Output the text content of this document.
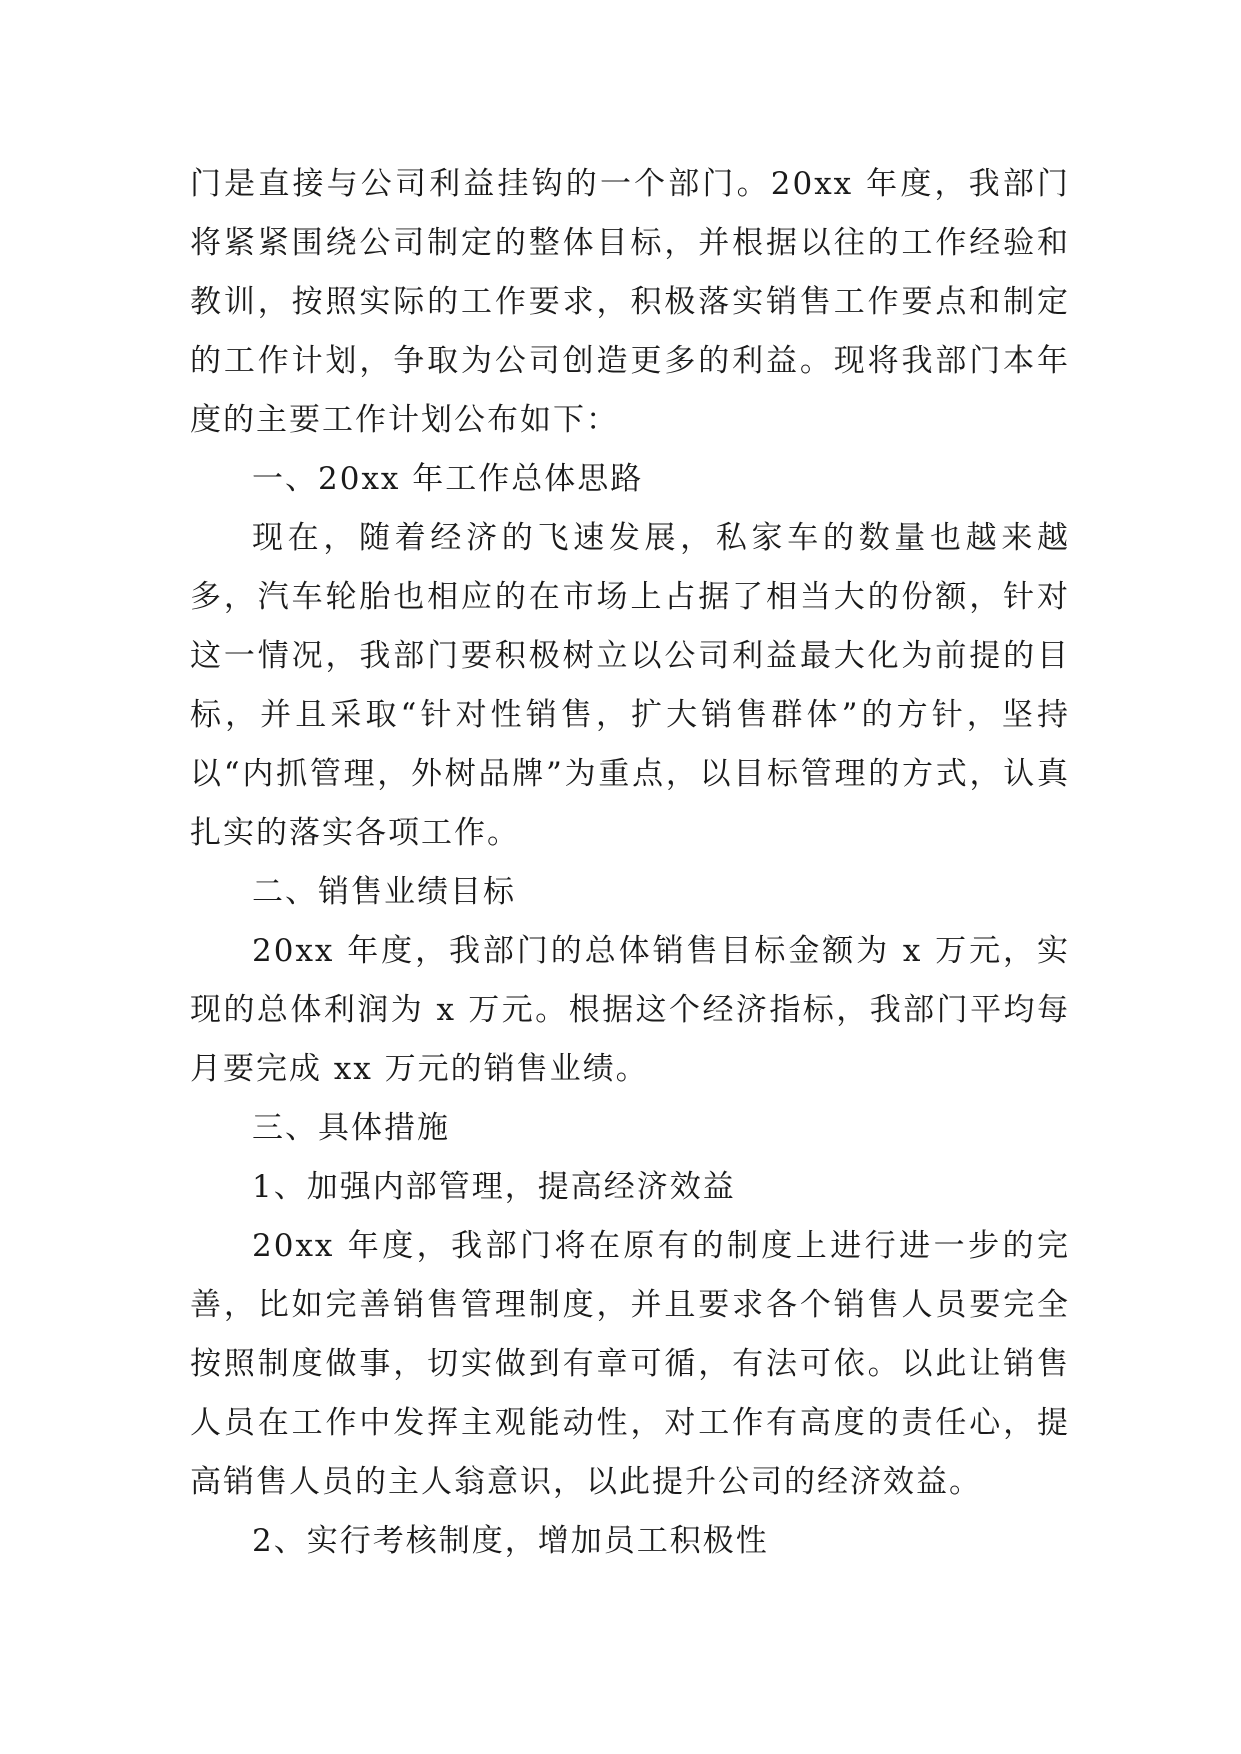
门是直接与公司利益挂钩的一个部门。20xx 年度，我部门将紧紧围绕公司制定的整体目标，并根据以往的工作经验和教训，按照实际的工作要求，积极落实销售工作要点和制定的工作计划，争取为公司创造更多的利益。现将我部门本年度的主要工作计划公布如下：

一、20xx 年工作总体思路

现在，随着经济的飞速发展，私家车的数量也越来越多，汽车轮胎也相应的在市场上占据了相当大的份额，针对这一情况，我部门要积极树立以公司利益最大化为前提的目标，并且采取“针对性销售，扩大销售群体”的方针，坚持以“内抓管理，外树品牌”为重点，以目标管理的方式，认真扎实的落实各项工作。

二、销售业绩目标

20xx 年度，我部门的总体销售目标金额为 x 万元，实现的总体利润为 x 万元。根据这个经济指标，我部门平均每月要完成 xx 万元的销售业绩。

三、具体措施

1、加强内部管理，提高经济效益

20xx 年度，我部门将在原有的制度上进行进一步的完善，比如完善销售管理制度，并且要求各个销售人员要完全按照制度做事，切实做到有章可循，有法可依。以此让销售人员在工作中发挥主观能动性，对工作有高度的责任心，提高销售人员的主人翁意识，以此提升公司的经济效益。

2、实行考核制度，增加员工积极性
